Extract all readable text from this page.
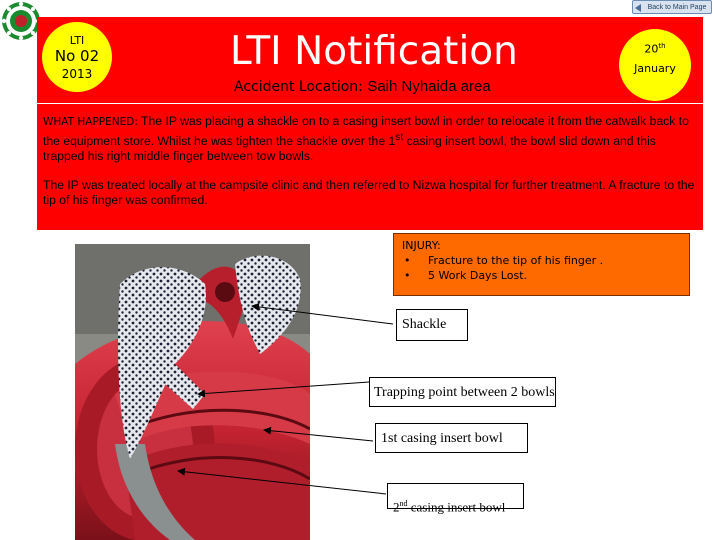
Back to Main Page
LTI
No 02
2013	LTI Notification
Accident Location: Saih Nyhaida area
20th
January

WHAT HAPPENED: The IP was placing a shackle on to a casing insert bowl in order to relocate it from the catwalk back to the equipment store. Whilst he was tighten the shackle over the 1st casing insert bowl, the bowl slid down and this trapped his right middle finger between tow bowls.

The IP was treated locally at the campsite clinic and then referred to Nizwa hospital for further treatment. A fracture to the tip of his finger was confirmed.

INJURY:
• Fracture to the tip of his finger .
• 5 Work Days Lost.
Shackle
Trapping point between 2 bowls
1st casing insert bowl
2nd casing insert bowl
